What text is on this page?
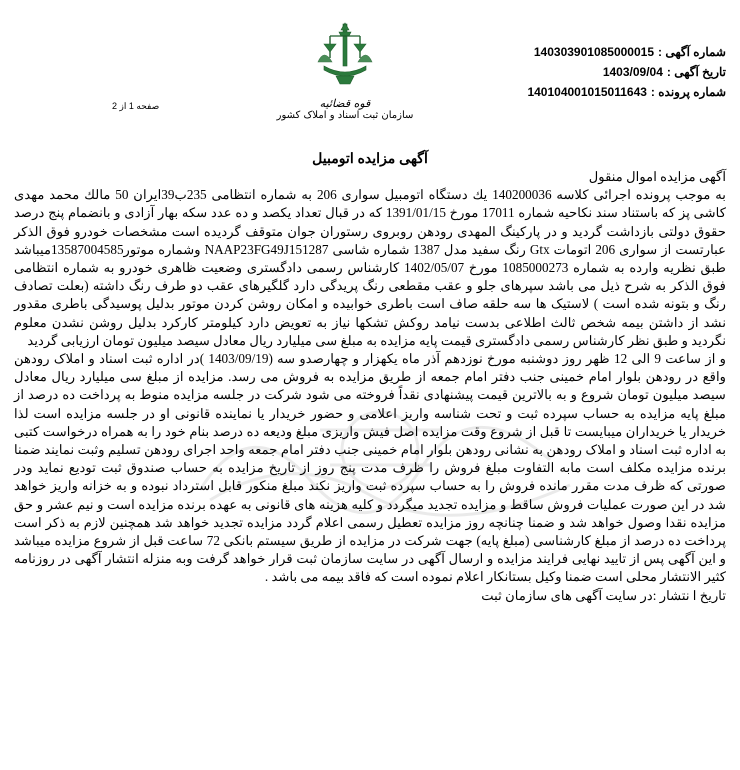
قوه قضائیه
سازمان ثبت اسناد و املاک کشور
شماره آگهی :
140303901085000015
تاریخ آگهی :
1403/09/04
شماره پرونده :
140104001015011643
صفحه 1 از 2
آگهی مزایده اتومبیل

آگهی مزایده اموال منقول

به موجب پرونده اجرائی کلاسه 140200036 یك دستگاه اتومبیل سواری 206 به شماره انتظامی 235ب39ایران 50 مالك محمد مهدی کاشی پز که باستناد سند نکاحیه شماره 17011 مورخ 1391/01/15 که در قبال تعداد یکصد و ده عدد سکه بهار آزادی و بانضمام پنج درصد حقوق دولتی بازداشت گردید و در پارکینگ المهدی رودهن روبروی رستوران جوان متوقف گردیده است مشخصات خودرو فوق الذکر عبارتست از سواری 206 اتومات Gtx رنگ سفید مدل 1387 شماره شاسی NAAP23FG49J151287 وشماره موتور13587004585میباشد طبق نظریه وارده به شماره 1085000273 مورخ 1402/05/07 کارشناس رسمی دادگستری وضعیت ظاهری خودرو به شماره انتظامی فوق الذکر به شرح ذیل می باشد سپرهای جلو و عقب مقطعی رنگ پریدگی دارد گلگیرهای عقب دو طرف رنگ داشته (بعلت تصادف رنگ و بتونه شده است ) لاستیک ها سه حلقه صاف است باطری خوابیده و امکان روشن کردن موتور بدلیل پوسیدگی باطری مقدور نشد از داشتن بیمه شخص ثالث اطلاعی بدست نیامد روکش تشکها نیاز به تعویض دارد کیلومتر کارکرد بدلیل روشن نشدن معلوم نگردید و طبق نظر کارشناس رسمی دادگستری قیمت پایه مزایده به مبلغ سی میلیارد ریال معادل سیصد میلیون تومان ارزیابی گردید

و از ساعت 9 الی 12 ظهر روز دوشنبه مورخ نوزدهم آذر ماه یکهزار و چهارصدو سه (1403/09/19 )در اداره ثبت اسناد و املاک رودهن واقع در رودهن بلوار امام خمینی جنب دفتر امام جمعه از طریق مزایده به فروش می رسد. مزایده از مبلغ سی میلیارد ریال معادل سیصد میلیون تومان شروع و به بالاترین قیمت پیشنهادی نقداً فروخته می شود شرکت در جلسه مزایده منوط به پرداخت ده درصد از مبلغ پایه مزایده به حساب سپرده ثبت و تحت شناسه واریز اعلامی و حضور خریدار یا نماینده قانونی او در جلسه مزایده است لذا خریدار یا خریداران میبایست تا قبل از شروع وقت مزایده اصل فیش واریزی مبلغ ودیعه ده درصد بنام خود را به همراه درخواست کتبی به اداره ثبت اسناد و املاک رودهن به نشانی رودهن بلوار امام خمینی جنب دفتر امام جمعه واحد اجرای رودهن تسلیم وثبت نمایند ضمنا برنده مزایده مکلف است مابه التفاوت مبلغ فروش را ظرف مدت پنج روز از تاریخ مزایده به حساب صندوق ثبت تودیع نماید ودر صورتی که ظرف مدت مقرر مانده فروش را به حساب سپرده ثبت واریز نکند مبلغ منکور قابل استرداد نبوده و به خزانه واریز خواهد شد در این صورت عملیات فروش ساقط و مزایده تجدید میگردد و کلیه هزینه های قانونی به عهده برنده مزایده است و نیم عشر و حق مزایده نقدا وصول خواهد شد و ضمنا چنانچه روز مزایده تعطیل رسمی اعلام گردد مزایده تجدید خواهد شد همچنین لازم به ذکر است پرداخت ده درصد از مبلغ کارشناسی (مبلغ پایه) جهت شرکت در مزایده از طریق سیستم بانکی 72 ساعت قبل از شروع مزایده میباشد و این آگهی پس از تایید نهایی فرایند مزایده و ارسال آگهی در سایت سازمان ثبت قرار خواهد گرفت وبه منزله انتشار آگهی در روزنامه کثیر الانتشار محلی است ضمنا وکیل بستانکار اعلام نموده است که فاقد بیمه می باشد .

تاریخ ا نتشار :در سایت آگهی های سازمان ثبت
